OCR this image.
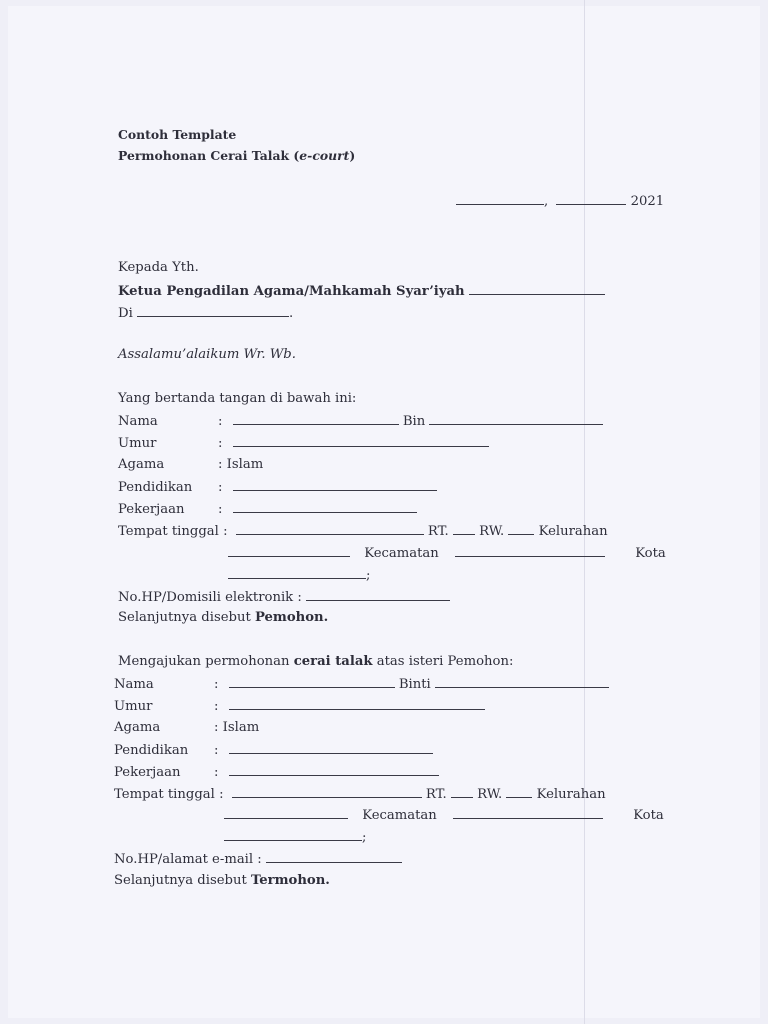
Contoh Template
Permohonan Cerai Talak (e-court)
,	2021
Kepada Yth.
Ketua Pengadilan Agama/Mahkamah Syar’iyah
Di	.
Assalamu’alaikum Wr. Wb.
Yang bertanda tangan di bawah ini:
Nama	:	Bin
Umur	:
Agama	: Islam
Pendidikan :
Pekerjaan	:
Tempat tinggal :	RT. RW.	Kelurahan
Kecamatan	Kota
;
No.HP/Domisili elektronik :
Selanjutnya disebut Pemohon.
Mengajukan permohonan cerai talak atas isteri Pemohon:
Nama	:	Binti
Umur	:
Agama	: Islam
Pendidikan :
Pekerjaan	:
Tempat tinggal :	RT. RW.	Kelurahan
Kecamatan	Kota
;
No.HP/alamat e-mail :
Selanjutnya disebut Termohon.
